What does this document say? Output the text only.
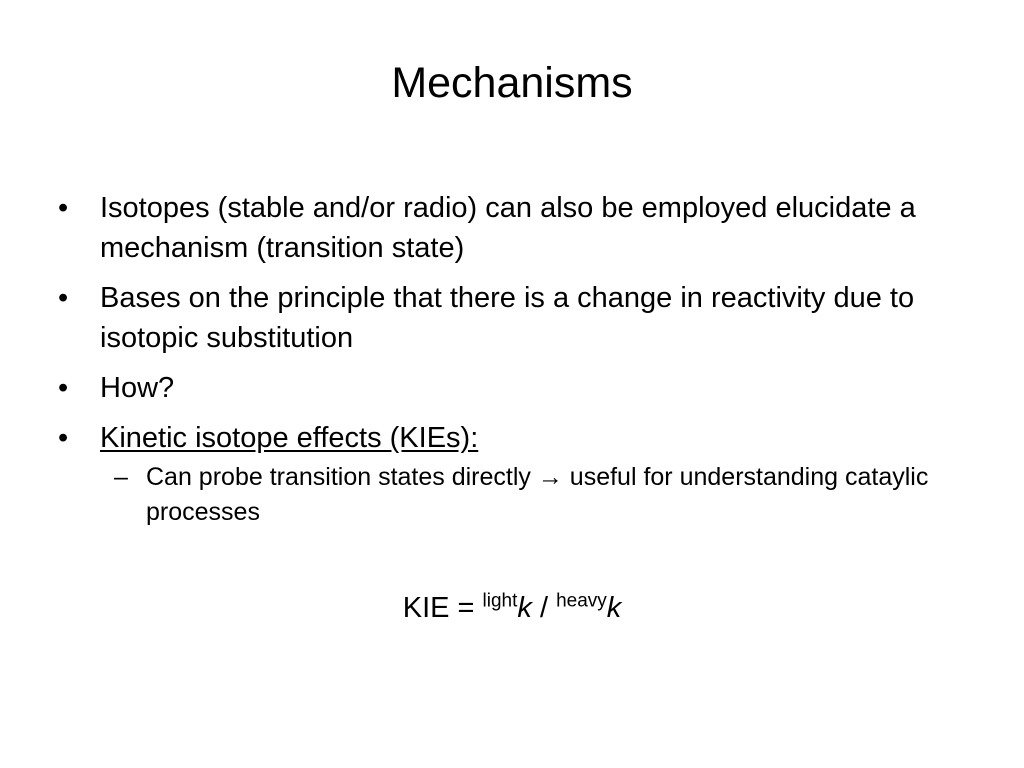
Mechanisms
•	Isotopes (stable and/or radio) can also be employed elucidate a mechanism (transition state)
•	Bases on the principle that there is a change in reactivity due to isotopic substitution
•	How?
•	Kinetic isotope effects (KIEs):
– Can probe transition states directly → useful for understanding cataylic processes
KIE = $^{light}$k / $^{heavy}$k
